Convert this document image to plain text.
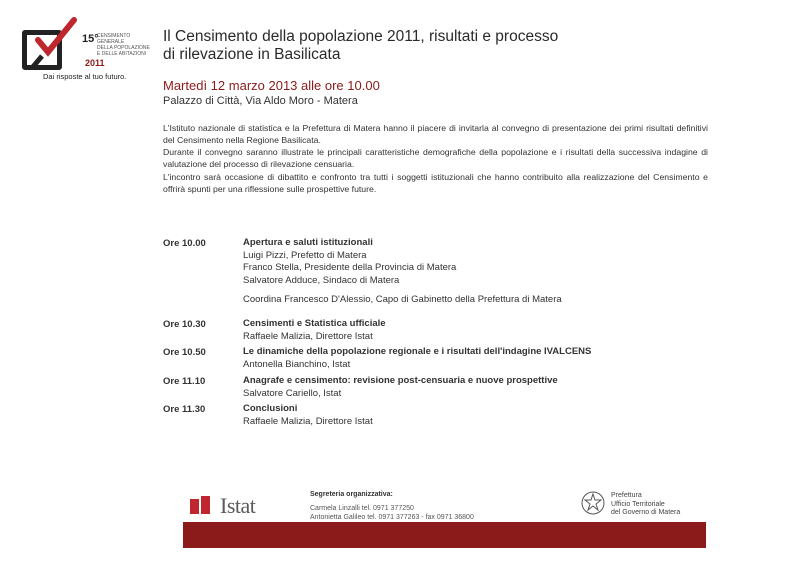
15°
CENSIMENTO GENERALE
DELLA POPOLAZIONE
E DELLE ABITAZIONI
2011
Dai risposte al tuo futuro.
Il Censimento della popolazione 2011, risultati e processo
di rilevazione in Basilicata
Martedì 12 marzo 2013 alle ore 10.00
Palazzo di Città, Via Aldo Moro - Matera
L'Istituto nazionale di statistica e la Prefettura di Matera hanno il piacere di invitarla al convegno di presentazione dei primi risultati definitivi del Censimento nella Regione Basilicata.
Durante il convegno saranno illustrate le principali caratteristiche demografiche della popolazione e i risultati della successiva indagine di valutazione del processo di rilevazione censuaria.
L'incontro sarà occasione di dibattito e confronto tra tutti i soggetti istituzionali che hanno contribuito alla realizzazione del Censimento e offrirà spunti per una riflessione sulle prospettive future.
Ore 10.00	Apertura e saluti istituzionali
Luigi Pizzi, Prefetto di Matera
Franco Stella, Presidente della Provincia di Matera
Salvatore Adduce, Sindaco di Matera
Coordina Francesco D'Alessio, Capo di Gabinetto della Prefettura di Matera
Ore 10.30	Censimenti e Statistica ufficiale
Raffaele Malizia, Direttore Istat
Ore 10.50	Le dinamiche della popolazione regionale e i risultati dell'indagine IVALCENS
Antonella Bianchino, Istat
Ore 11.10	Anagrafe e censimento: revisione post-censuaria e nuove prospettive
Salvatore Cariello, Istat
Ore 11.30	Conclusioni
Raffaele Malizia, Direttore Istat
Istat	Segreteria organizzativa:
Carmela Linzalli tel. 0971 377250
Antonietta Galileo tel. 0971 377263 - fax 0971 36800
Prefettura
Ufficio Territoriale
del Governo di Matera
